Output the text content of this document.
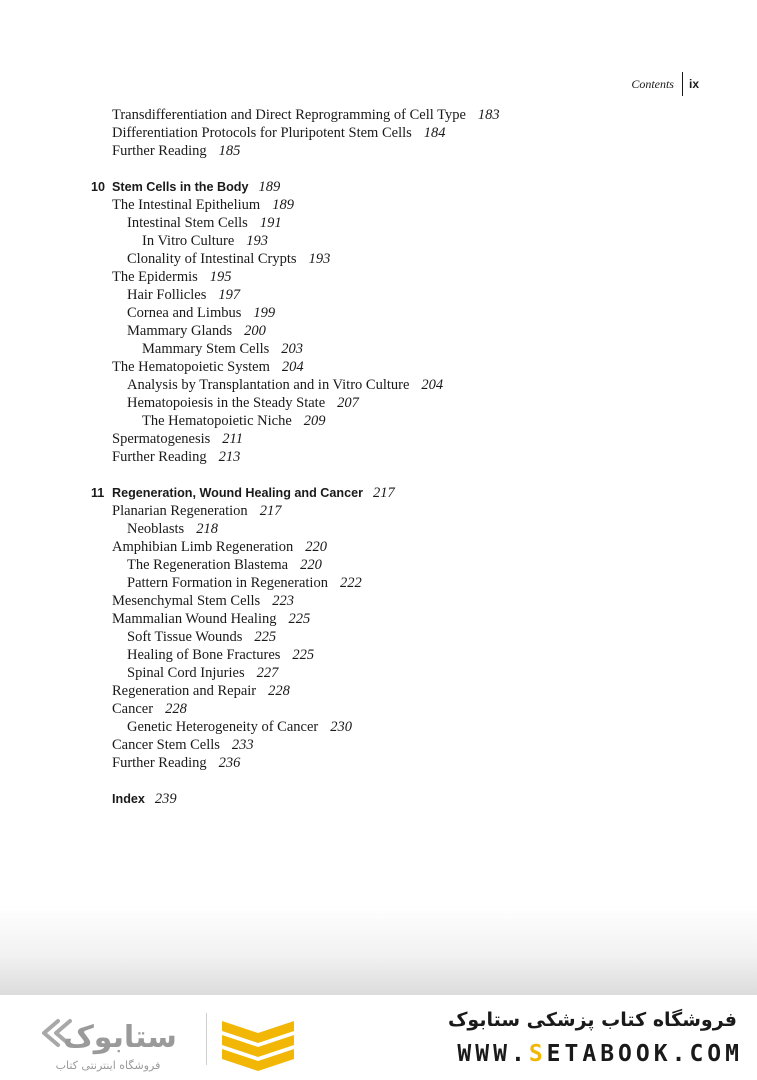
Contents ix
Transdifferentiation and Direct Reprogramming of Cell Type 183
Differentiation Protocols for Pluripotent Stem Cells 184
Further Reading 185
10 Stem Cells in the Body 189
The Intestinal Epithelium 189
Intestinal Stem Cells 191
In Vitro Culture 193
Clonality of Intestinal Crypts 193
The Epidermis 195
Hair Follicles 197
Cornea and Limbus 199
Mammary Glands 200
Mammary Stem Cells 203
The Hematopoietic System 204
Analysis by Transplantation and in Vitro Culture 204
Hematopoiesis in the Steady State 207
The Hematopoietic Niche 209
Spermatogenesis 211
Further Reading 213
11 Regeneration, Wound Healing and Cancer 217
Planarian Regeneration 217
Neoblasts 218
Amphibian Limb Regeneration 220
The Regeneration Blastema 220
Pattern Formation in Regeneration 222
Mesenchymal Stem Cells 223
Mammalian Wound Healing 225
Soft Tissue Wounds 225
Healing of Bone Fractures 225
Spinal Cord Injuries 227
Regeneration and Repair 228
Cancer 228
Genetic Heterogeneity of Cancer 230
Cancer Stem Cells 233
Further Reading 236
Index 239
ستابوک
فروشگاه اینترنتی کتاب
فروشگاه کتاب پزشکی ستابوک
WWW.SETABOOK.COM
